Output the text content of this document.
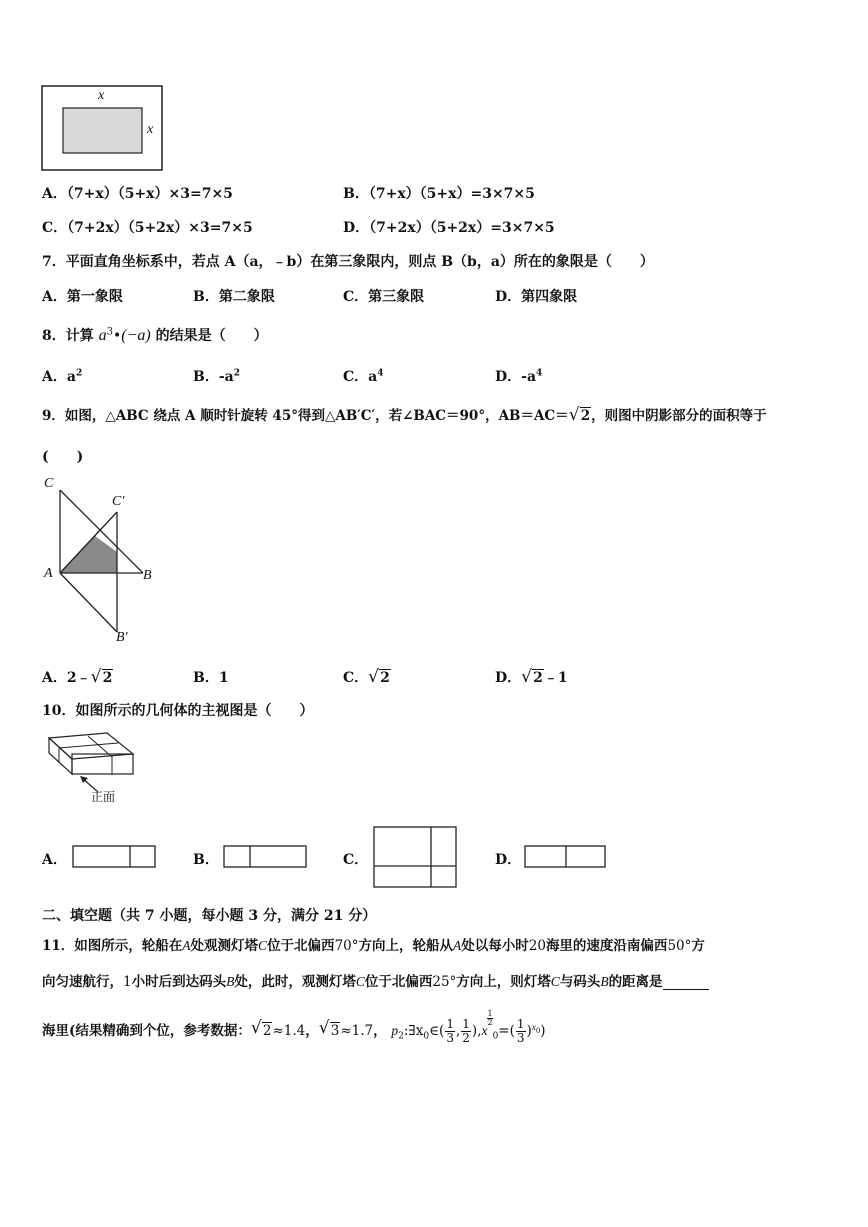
x
x
A．（7+x）（5+x）×3=7×5	B．（7+x）（5+x）=3×7×5
C．（7+2x）（5+2x）×3=7×5	D．（7+2x）（5+2x）=3×7×5
7．平面直角坐标系中，若点 A（a，﹣b）在第三象限内，则点 B（b，a）所在的象限是（　　）
A．第一象限	B．第二象限	C．第三象限	D．第四象限
8．计算 $a^3•(-a)$ 的结果是（　　）
A．$a^2$	B．$-a^2$	C．$a^4$	D．$-a^4$
9．如图，△ABC 绕点 A 顺时针旋转 45°得到△AB′C′，若∠BAC＝90°，AB＝AC＝ √ 2，则图中阴影部分的面积等于
(　　)
C
C′
A	B
B′
A．2﹣ √ 2	B．1	C． √ 2	D． √ 2﹣1
10．如图所示的几何体的主视图是（　　）
正面
A．	B．	C．	D．
二、填空题（共 7 小题，每小题 3 分，满分 21 分）
11．如图所示，轮船在A处观测灯塔C位于北偏西70°方向上，轮船从A处以每小时20海里的速度沿南偏西50°方
向匀速航行，1小时后到达码头B处，此时，观测灯塔C位于北偏西25°方向上，则灯塔C与码头B的距离是
海里(结果精确到个位，参考数据： √ 2≈1.4， √ 3≈1.7， $p_2:\exists x_0\in( \frac{1}{3}$ , $\frac{1}{2} ),x$
$^{\frac{1}{2}}$
$_0=( \frac{1}{3} )^{x_0}$)
